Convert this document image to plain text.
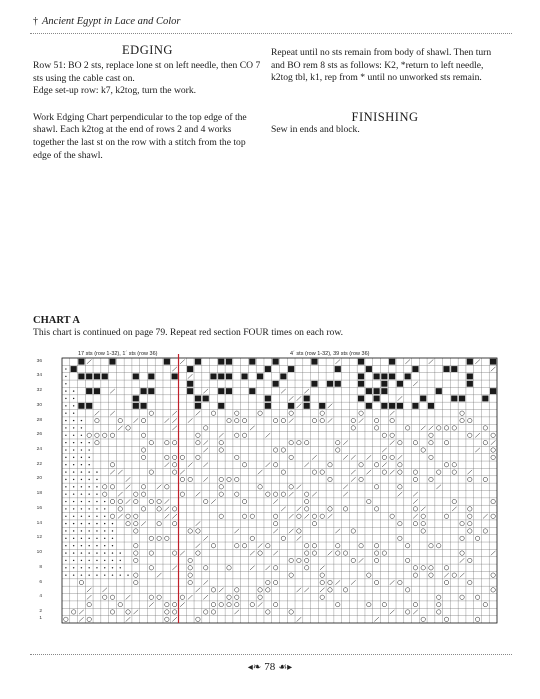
† Ancient Egypt in Lace and Color
EDGING

Row 51: BO 2 sts, replace lone st on left needle, then CO 7 sts using the cable cast on.

Edge set-up row: k7, k2tog, turn the work.

Work Edging Chart perpendicular to the top edge of the shawl. Each k2tog at the end of rows 2 and 4 works together the last st on the row with a stitch from the top edge of the shawl.

Repeat until no sts remain from body of shawl. Then turn and BO rem 8 sts as follows: K2, *return to left needle, k2tog tbl, k1, rep from * until no unworked sts remain.

FINISHING
Sew in ends and block.
CHART A
This chart is continued on page 79. Repeat red section FOUR times on each row.
17 sts (row 1-32), 1´ sts (row 36)	4´ sts (row 1-32), 39 sts (row 36)
36
34
32
30
28
26
24
22
20
18
16
14
12
10
8
6
4
2
1
◂❧ 78 ☙▸
